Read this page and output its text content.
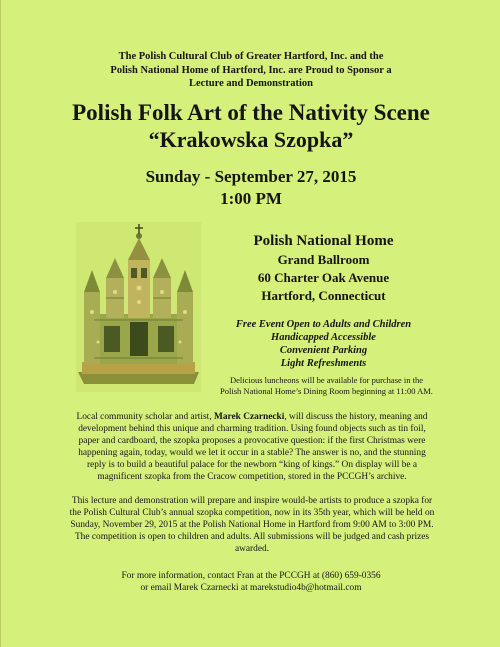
The Polish Cultural Club of Greater Hartford, Inc. and the
Polish National Home of Hartford, Inc. are Proud to Sponsor a
Lecture and Demonstration
Polish Folk Art of the Nativity Scene
“Krakowska Szopka”
Sunday - September 27, 2015
1:00 PM
Polish National Home
Grand Ballroom
60 Charter Oak Avenue
Hartford, Connecticut
Free Event Open to Adults and Children
Handicapped Accessible
Convenient Parking
Light Refreshments
Delicious luncheons will be available for purchase in the
Polish National Home’s Dining Room beginning at 11:00 AM.
Local community scholar and artist, Marek Czarnecki, will discuss the history, meaning and
development behind this unique and charming tradition. Using found objects such as tin foil,
paper and cardboard, the szopka proposes a provocative question: if the first Christmas were
happening again, today, would we let it occur in a stable? The answer is no, and the stunning
reply is to build a beautiful palace for the newborn “king of kings.” On display will be a
magnificent szopka from the Cracow competition, stored in the PCCGH’s archive.
This lecture and demonstration will prepare and inspire would-be artists to produce a szopka for
the Polish Cultural Club’s annual szopka competition, now in its 35th year, which will be held on
Sunday, November 29, 2015 at the Polish National Home in Hartford from 9:00 AM to 3:00 PM.
The competition is open to children and adults. All submissions will be judged and cash prizes
awarded.
For more information, contact Fran at the PCCGH at (860) 659-0356
or email Marek Czarnecki at marekstudio4b@hotmail.com
